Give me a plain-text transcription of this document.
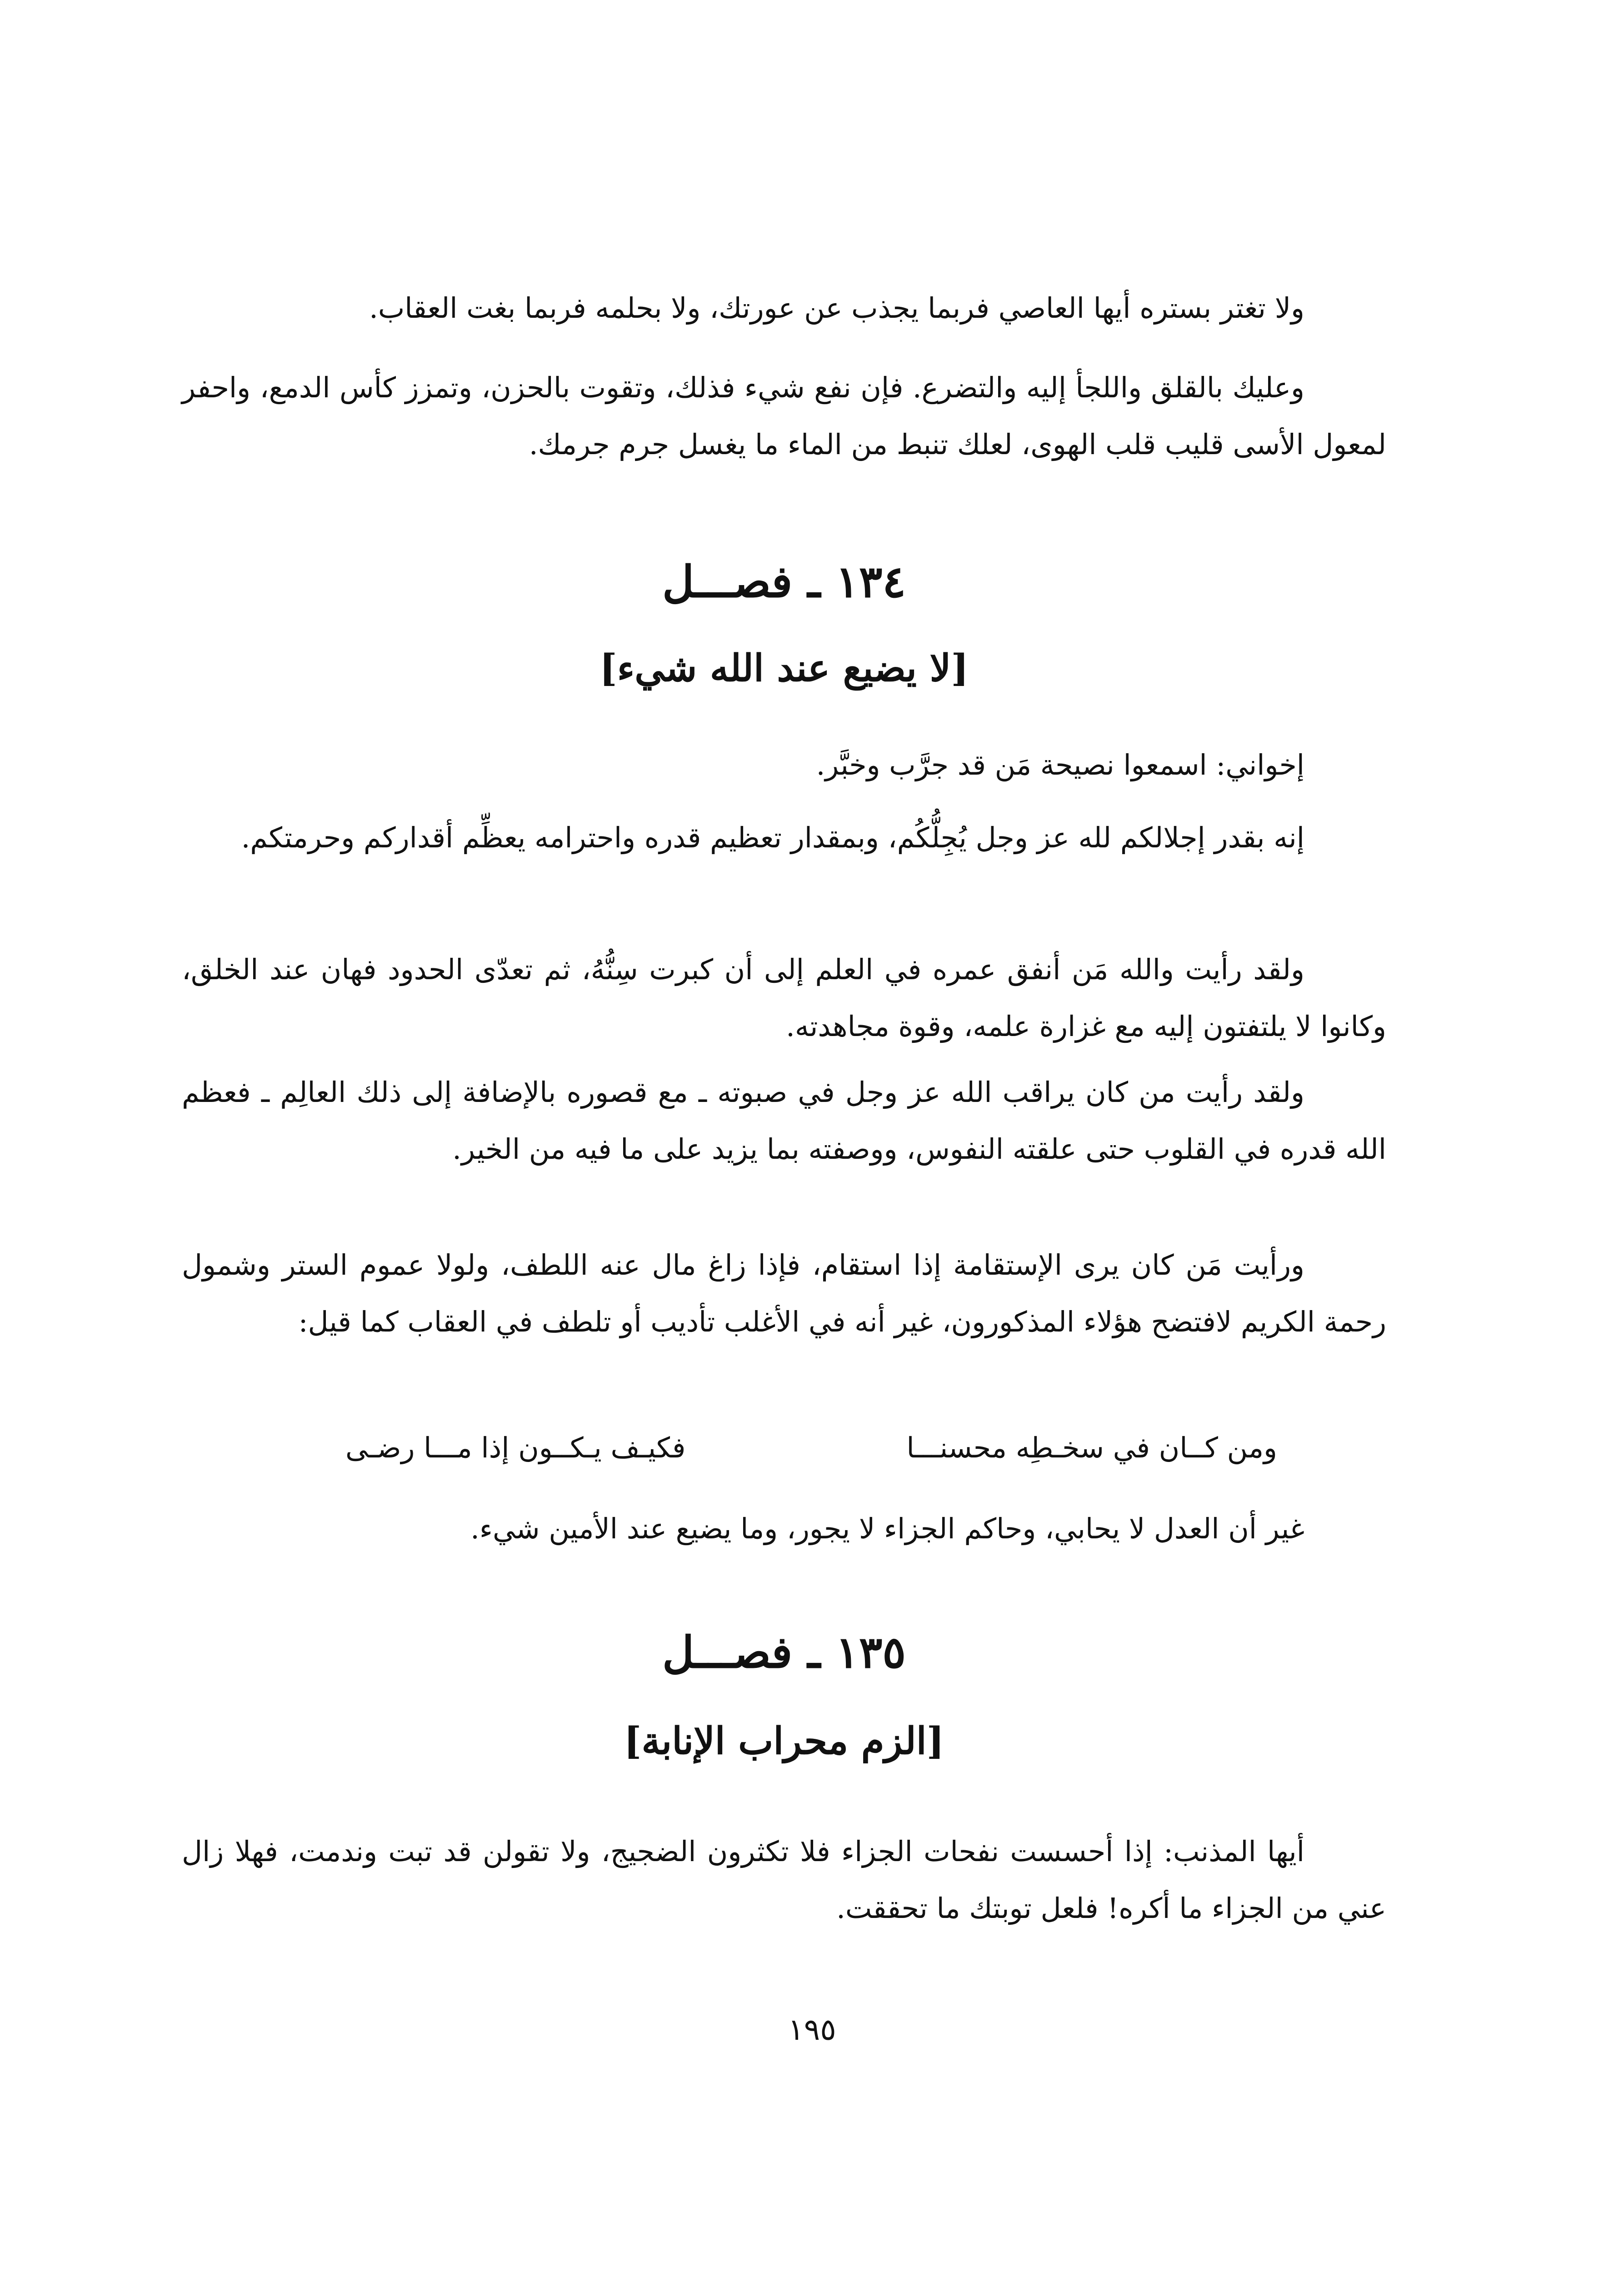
ولا تغتر بستره أيها العاصي فربما يجذب عن عورتك، ولا بحلمه فربما بغت العقاب.

وعليك بالقلق واللجأ إليه والتضرع. فإن نفع شيء فذلك، وتقوت بالحزن، وتمزز كأس الدمع، واحفر لمعول الأسى قليب قلب الهوى، لعلك تنبط من الماء ما يغسل جرم جرمك.

١٣٤ ـ فصـــل
[لا يضيع عند الله شيء]

إخواني: اسمعوا نصيحة مَن قد جرَّب وخبَّر.

إنه بقدر إجلالكم لله عز وجل يُجِلُّكُم، وبمقدار تعظيم قدره واحترامه يعظِّم أقداركم وحرمتكم.

ولقد رأيت والله مَن أنفق عمره في العلم إلى أن كبرت سِنُّهُ، ثم تعدّى الحدود فهان عند الخلق، وكانوا لا يلتفتون إليه مع غزارة علمه، وقوة مجاهدته.

ولقد رأيت من كان يراقب الله عز وجل في صبوته ـ مع قصوره بالإضافة إلى ذلك العالِم ـ فعظم الله قدره في القلوب حتى علقته النفوس، ووصفته بما يزيد على ما فيه من الخير.

ورأيت مَن كان يرى الإستقامة إذا استقام، فإذا زاغ مال عنه اللطف، ولولا عموم الستر وشمول رحمة الكريم لافتضح هؤلاء المذكورون، غير أنه في الأغلب تأديب أو تلطف في العقاب كما قيل:

ومن كــان في سخـطِه محسنـــا
فكيـف يـكــون إذا مـــا رضـى

غير أن العدل لا يحابي، وحاكم الجزاء لا يجور، وما يضيع عند الأمين شيء.

١٣٥ ـ فصـــل
[الزم محراب الإنابة]

أيها المذنب: إذا أحسست نفحات الجزاء فلا تكثرون الضجيج، ولا تقولن قد تبت وندمت، فهلا زال عني من الجزاء ما أكره! فلعل توبتك ما تحققت.

١٩٥
